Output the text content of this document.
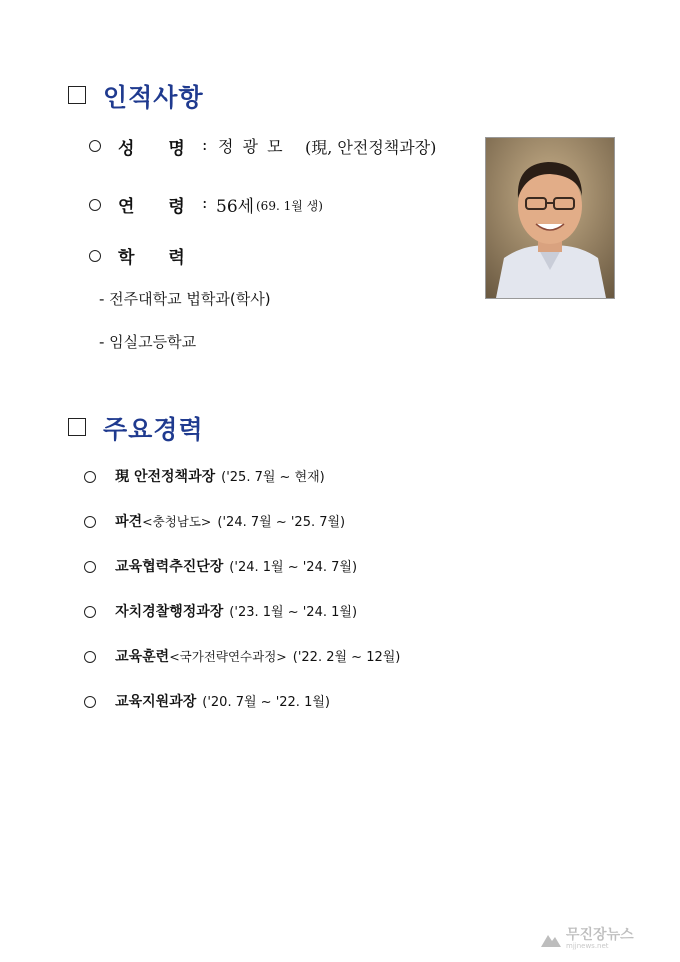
인적사항
성　　명 : 정 광 모 (現, 안전정책과장)
연　　령 : 56세 (69. 1월 생)
학　　력
- 전주대학교 법학과(학사)
- 임실고등학교
주요경력
現 안전정책과장 ('25. 7월 ~ 현재)
파견<충청남도> ('24. 7월 ~ '25. 7월)
교육협력추진단장 ('24. 1월 ~ '24. 7월)
자치경찰행정과장 ('23. 1월 ~ '24. 1월)
교육훈련<국가전략연수과정> ('22. 2월 ~ 12월)
교육지원과장 ('20. 7월 ~ '22. 1월)
무진장뉴스
mjjnews.net
